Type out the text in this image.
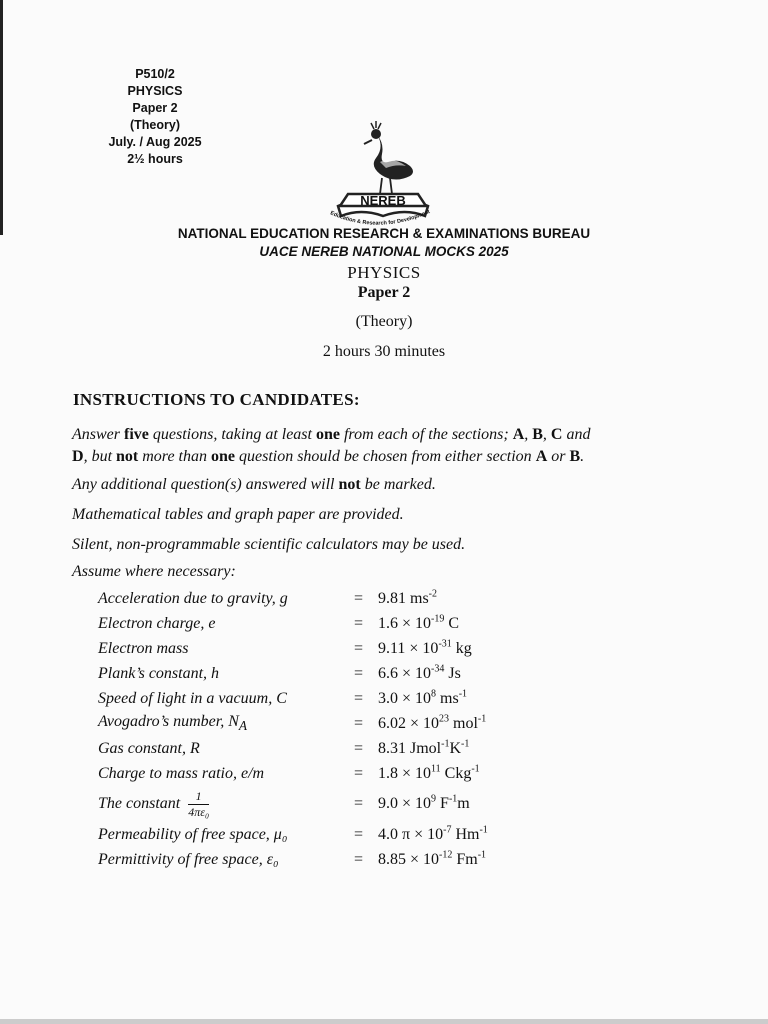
P510/2
PHYSICS
Paper 2
(Theory)
July. / Aug 2025
2½ hours
NEREB
Education & Research for Development
NATIONAL EDUCATION RESEARCH & EXAMINATIONS BUREAU
UACE NEREB NATIONAL MOCKS 2025
PHYSICS
Paper 2
(Theory)
2 hours 30 minutes
INSTRUCTIONS TO CANDIDATES:
Answer five questions, taking at least one from each of the sections; A, B, C and
D, but not more than one question should be chosen from either section A or B.
Any additional question(s) answered will not be marked.
Mathematical tables and graph paper are provided.
Silent, non-programmable scientific calculators may be used.
Assume where necessary:
Acceleration due to gravity, g	=	9.81 $ms^{-2}$
Electron charge, e	=	$1.6 \times 10^{-19}$ C
Electron mass	=	$9.11 \times 10^{-31}$ kg
Plank’s constant, h	=	$6.6 \times 10^{-34}$ Js
Speed of light in a vacuum, C	=	$3.0 \times 10^8$ $ms^{-1}$
Avogadro’s number, $N_A$	=	$6.02 \times 10^{23}$ mol$^{-1}$
Gas constant, R	=	8.31 $Jmol^{-1}K^{-1}$
Charge to mass ratio, e/m	=	$1.8 \times 10^{11}$ Ckg$^{-1}$
The constant $\frac{1}{\text{4πε₀}}$	=	$9.0 \times 10^9$ $F^{-1}m$
Permeability of free space, μ₀	=	4.0 $\pi \times 10^{-7}$ $Hm^{-1}$
Permittivity of free space, ε₀	=	$8.85 \times 10^{-12}$ $Fm^{-1}$
